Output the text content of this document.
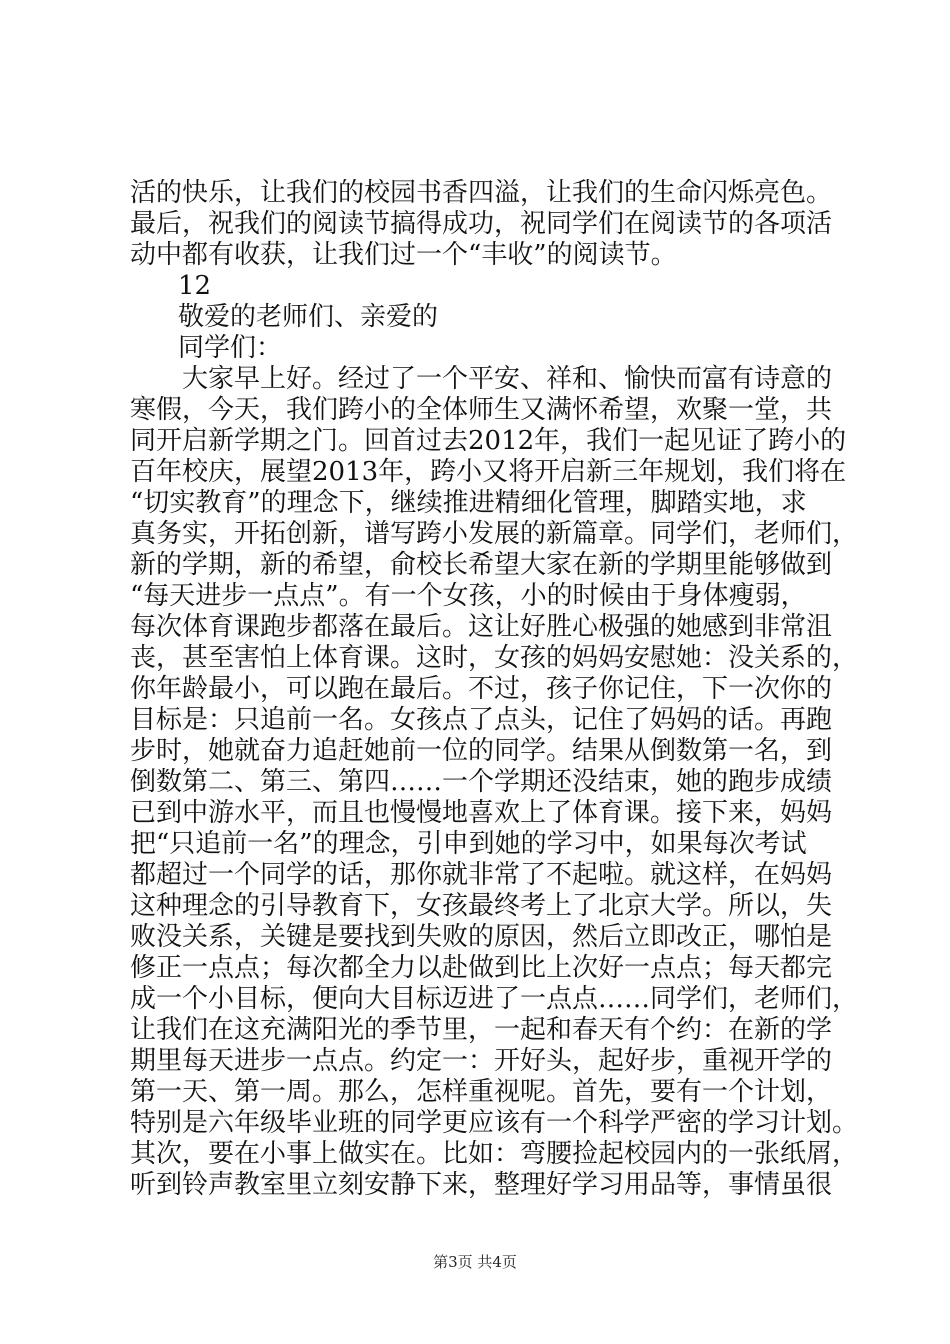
活的快乐，让我们的校园书香四溢，让我们的生命闪烁亮色。
最后，祝我们的阅读节搞得成功，祝同学们在阅读节的各项活
动中都有收获，让我们过一个“丰收”的阅读节。
12
敬爱的老师们、亲爱的
同学们：
大家早上好。经过了一个平安、祥和、愉快而富有诗意的
寒假，今天，我们跨小的全体师生又满怀希望，欢聚一堂，共
同开启新学期之门。回首过去2012年，我们一起见证了跨小的
百年校庆，展望2013年，跨小又将开启新三年规划，我们将在
“切实教育”的理念下，继续推进精细化管理，脚踏实地，求
真务实，开拓创新，谱写跨小发展的新篇章。同学们，老师们，
新的学期，新的希望，俞校长希望大家在新的学期里能够做到
“每天进步一点点”。有一个女孩，小的时候由于身体瘦弱，
每次体育课跑步都落在最后。这让好胜心极强的她感到非常沮
丧，甚至害怕上体育课。这时，女孩的妈妈安慰她：没关系的，
你年龄最小，可以跑在最后。不过，孩子你记住，下一次你的
目标是：只追前一名。女孩点了点头，记住了妈妈的话。再跑
步时，她就奋力追赶她前一位的同学。结果从倒数第一名，到
倒数第二、第三、第四……一个学期还没结束，她的跑步成绩
已到中游水平，而且也慢慢地喜欢上了体育课。接下来，妈妈
把“只追前一名”的理念，引申到她的学习中，如果每次考试
都超过一个同学的话，那你就非常了不起啦。就这样，在妈妈
这种理念的引导教育下，女孩最终考上了北京大学。所以，失
败没关系，关键是要找到失败的原因，然后立即改正，哪怕是
修正一点点；每次都全力以赴做到比上次好一点点；每天都完
成一个小目标，便向大目标迈进了一点点……同学们，老师们，
让我们在这充满阳光的季节里，一起和春天有个约：在新的学
期里每天进步一点点。约定一：开好头，起好步，重视开学的
第一天、第一周。那么，怎样重视呢。首先，要有一个计划，
特别是六年级毕业班的同学更应该有一个科学严密的学习计划。
其次，要在小事上做实在。比如：弯腰捡起校园内的一张纸屑，
听到铃声教室里立刻安静下来，整理好学习用品等，事情虽很
第3页 共4页
